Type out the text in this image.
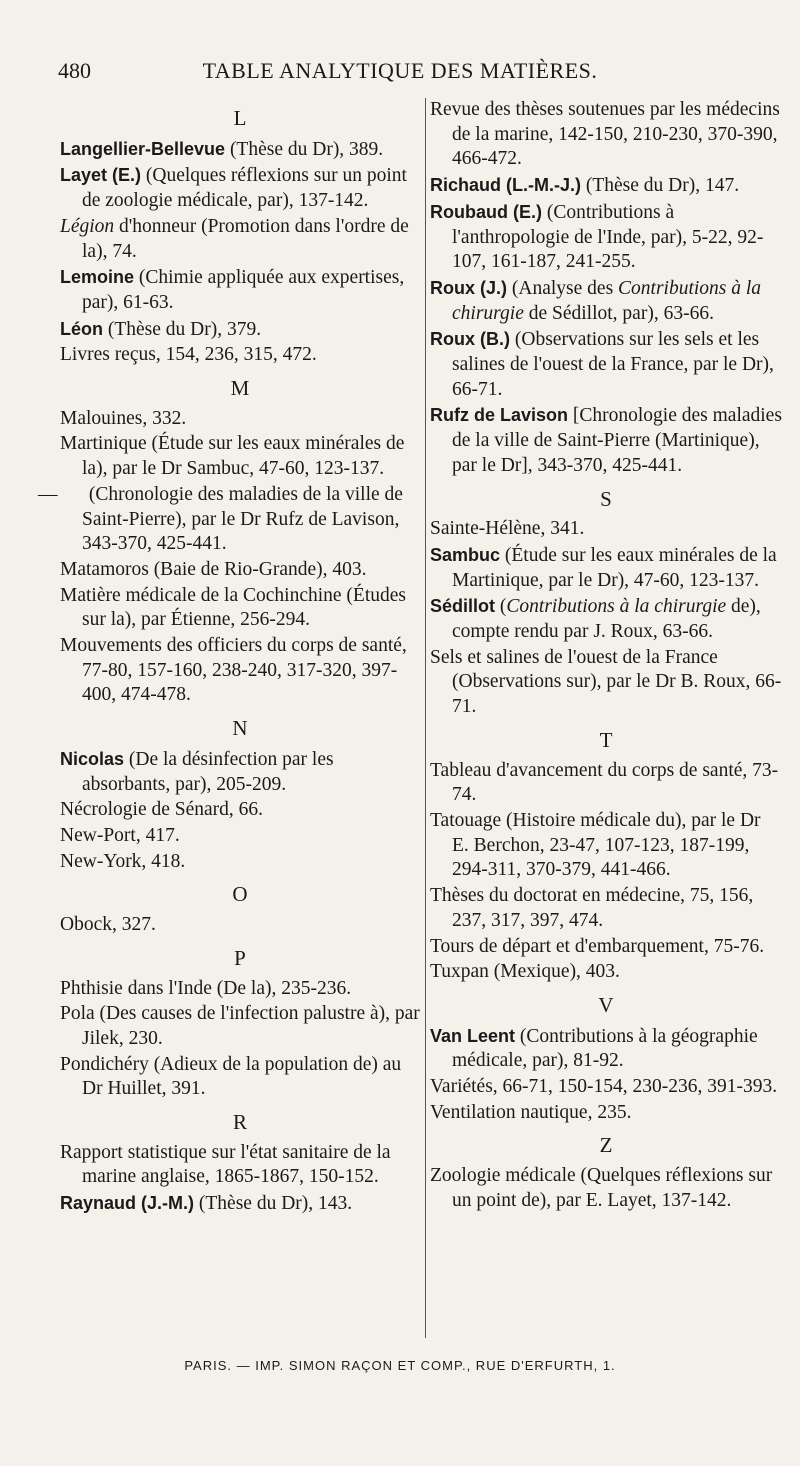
480	TABLE ANALYTIQUE DES MATIÈRES.
L
Langellier-Bellevue (Thèse du Dr), 389.
Layet (E.) (Quelques réflexions sur un point de zoologie médicale, par), 137-142.
Légion d'honneur (Promotion dans l'ordre de la), 74.
Lemoine (Chimie appliquée aux expertises, par), 61-63.
Léon (Thèse du Dr), 379.
Livres reçus, 154, 236, 315, 472.
M
Malouines, 332.
Martinique (Étude sur les eaux minérales de la), par le Dr Sambuc, 47-60, 123-137.
— (Chronologie des maladies de la ville de Saint-Pierre), par le Dr Rufz de Lavison, 343-370, 425-441.
Matamoros (Baie de Rio-Grande), 403.
Matière médicale de la Cochinchine (Études sur la), par Étienne, 256-294.
Mouvements des officiers du corps de santé, 77-80, 157-160, 238-240, 317-320, 397-400, 474-478.
N
Nicolas (De la désinfection par les absorbants, par), 205-209.
Nécrologie de Sénard, 66.
New-Port, 417.
New-York, 418.
O
Obock, 327.
P
Phthisie dans l'Inde (De la), 235-236.
Pola (Des causes de l'infection palustre à), par Jilek, 230.
Pondichéry (Adieux de la population de) au Dr Huillet, 391.
R
Rapport statistique sur l'état sanitaire de la marine anglaise, 1865-1867, 150-152.
Raynaud (J.-M.) (Thèse du Dr), 143.
Revue des thèses soutenues par les médecins de la marine, 142-150, 210-230, 370-390, 466-472.
Richaud (L.-M.-J.) (Thèse du Dr), 147.
Roubaud (E.) (Contributions à l'anthropologie de l'Inde, par), 5-22, 92-107, 161-187, 241-255.
Roux (J.) (Analyse des Contributions à la chirurgie de Sédillot, par), 63-66.
Roux (B.) (Observations sur les sels et les salines de l'ouest de la France, par le Dr), 66-71.
Rufz de Lavison [Chronologie des maladies de la ville de Saint-Pierre (Martinique), par le Dr], 343-370, 425-441.
S
Sainte-Hélène, 341.
Sambuc (Étude sur les eaux minérales de la Martinique, par le Dr), 47-60, 123-137.
Sédillot (Contributions à la chirurgie de), compte rendu par J. Roux, 63-66.
Sels et salines de l'ouest de la France (Observations sur), par le Dr B. Roux, 66-71.
T
Tableau d'avancement du corps de santé, 73-74.
Tatouage (Histoire médicale du), par le Dr E. Berchon, 23-47, 107-123, 187-199, 294-311, 370-379, 441-466.
Thèses du doctorat en médecine, 75, 156, 237, 317, 397, 474.
Tours de départ et d'embarquement, 75-76.
Tuxpan (Mexique), 403.
V
Van Leent (Contributions à la géographie médicale, par), 81-92.
Variétés, 66-71, 150-154, 230-236, 391-393.
Ventilation nautique, 235.
Z
Zoologie médicale (Quelques réflexions sur un point de), par E. Layet, 137-142.
PARIS. — IMP. SIMON RAÇON ET COMP., RUE D'ERFURTH, 1.
